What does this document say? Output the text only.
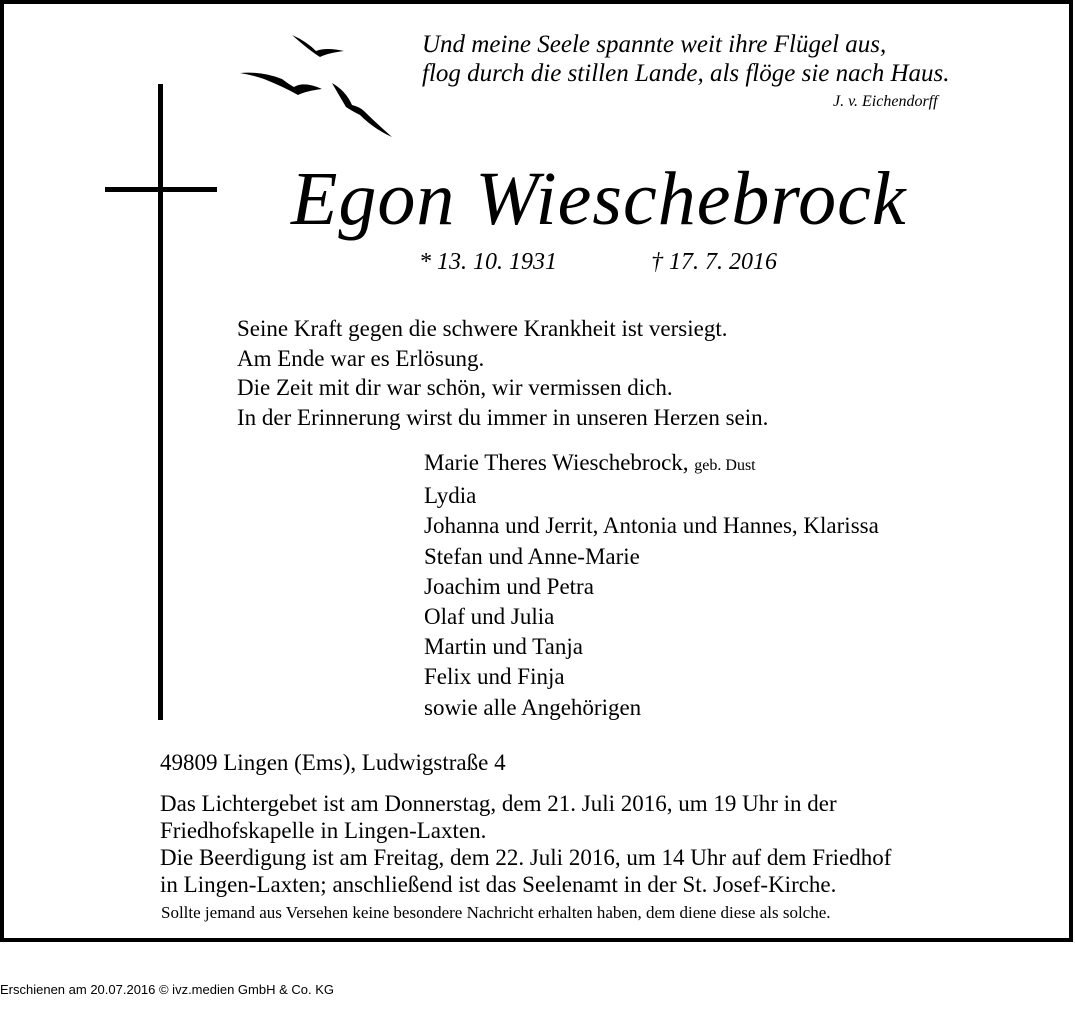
Und meine Seele spannte weit ihre Flügel aus,
flog durch die stillen Lande, als flöge sie nach Haus.
J. v. Eichendorff
Egon Wieschebrock
* 13. 10. 1931	† 17. 7. 2016
Seine Kraft gegen die schwere Krankheit ist versiegt.
Am Ende war es Erlösung.
Die Zeit mit dir war schön, wir vermissen dich.
In der Erinnerung wirst du immer in unseren Herzen sein.
Marie Theres Wieschebrock, geb. Dust
Lydia
Johanna und Jerrit, Antonia und Hannes, Klarissa
Stefan und Anne-Marie
Joachim und Petra
Olaf und Julia
Martin und Tanja
Felix und Finja
sowie alle Angehörigen
49809 Lingen (Ems), Ludwigstraße 4
Das Lichtergebet ist am Donnerstag, dem 21. Juli 2016, um 19 Uhr in der
Friedhofskapelle in Lingen-Laxten.
Die Beerdigung ist am Freitag, dem 22. Juli 2016, um 14 Uhr auf dem Friedhof
in Lingen-Laxten; anschließend ist das Seelenamt in der St. Josef-Kirche.
Sollte jemand aus Versehen keine besondere Nachricht erhalten haben, dem diene diese als solche.
Erschienen am 20.07.2016 © ivz.medien GmbH & Co. KG
